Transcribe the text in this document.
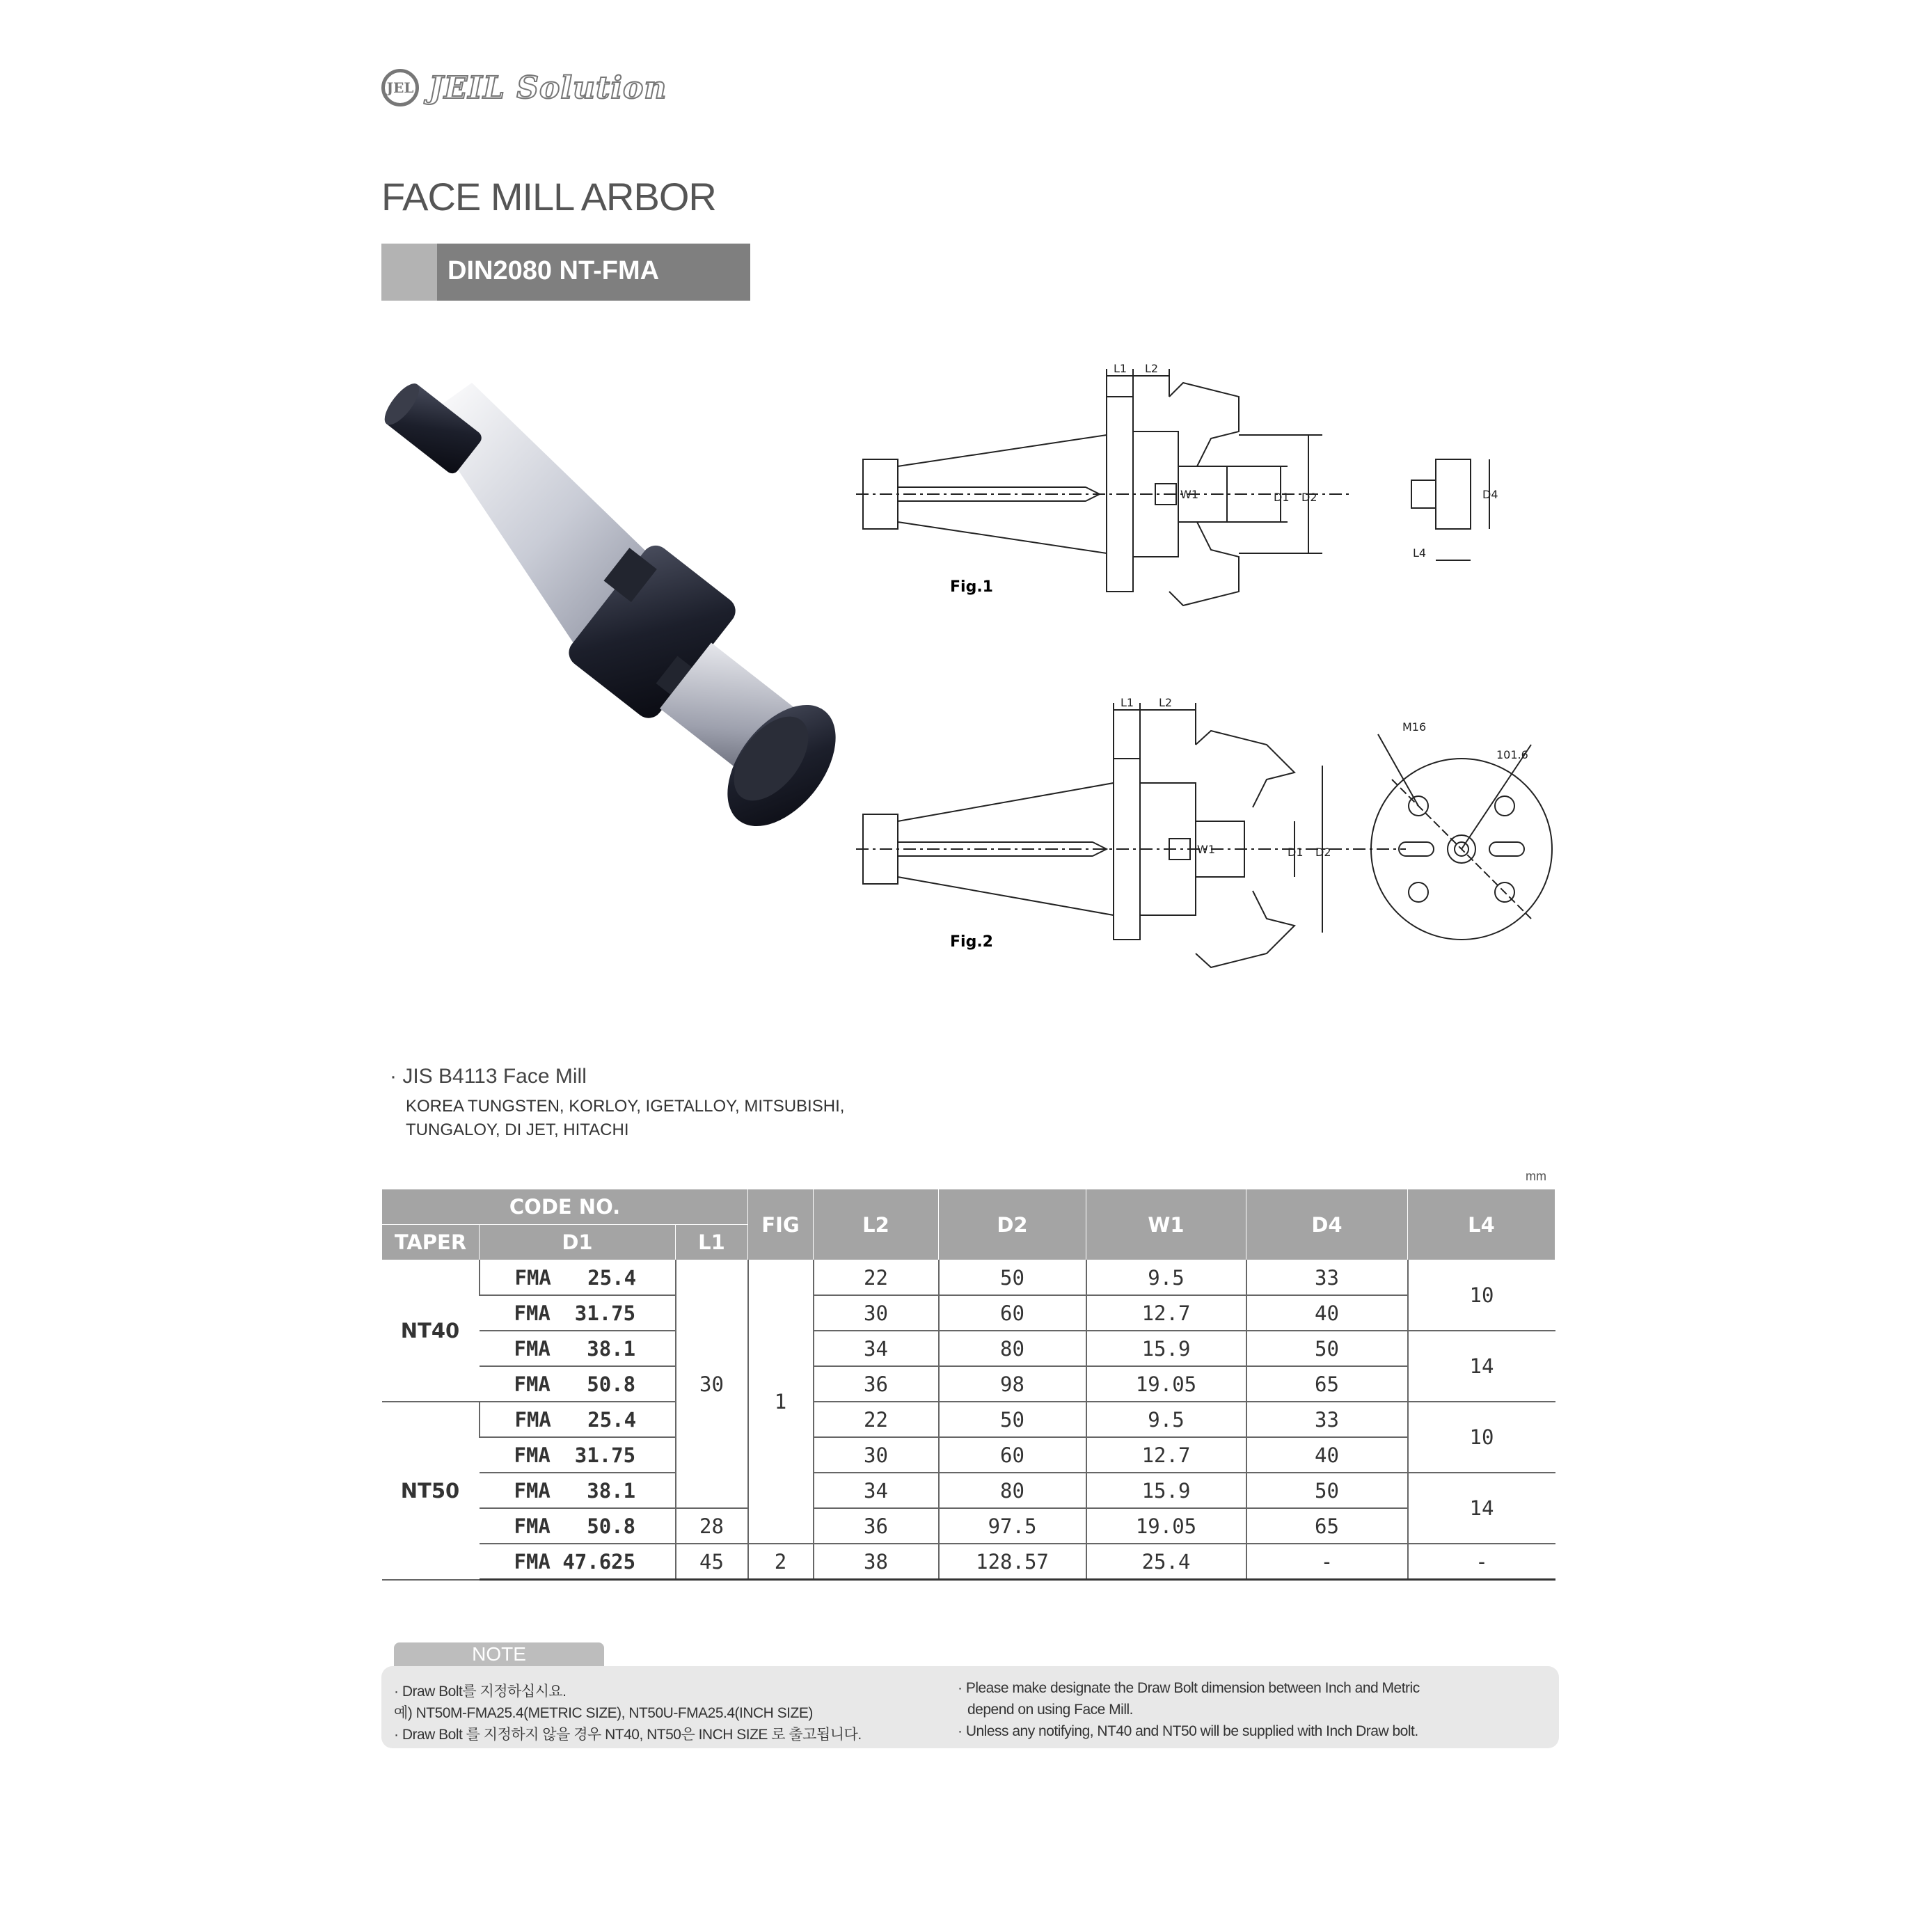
JEL JEIL Solution
FACE MILL ARBOR
DIN2080 NT-FMA
Fig.1
Fig.2
L1 L2
D1 D2
W1	D4
L4
L1 L2
D1 D2
W1
M16
101.6
· JIS B4113 Face Mill
KOREA TUNGSTEN, KORLOY, IGETALLOY, MITSUBISHI,
TUNGALOY, DI JET, HITACHI
mm
CODE NO.			FIG	L2	D2	W1	D4	L4
TAPER	D1	L1						
NT40	FMA   25.4	30	1	22	50	9.5	33	10
	FMA  31.75			30	60	12.7	40	
	FMA   38.1			34	80	15.9	50	14
	FMA   50.8			36	98	19.05	65	
NT50	FMA   25.4			22	50	9.5	33	10
	FMA  31.75			30	60	12.7	40	
	FMA   38.1			34	80	15.9	50	14
	FMA   50.8	28		36	97.5	19.05	65	
	FMA 47.625	45	2	38	128.57	25.4	-	-
NOTE
· Draw Bolt를 지정하십시요.
예) NT50M-FMA25.4(METRIC SIZE), NT50U-FMA25.4(INCH SIZE)
· Draw Bolt 를 지정하지 않을 경우 NT40, NT50은 INCH SIZE 로 출고됩니다.
· Please make designate the Draw Bolt dimension between Inch and Metric
depend on using Face Mill.
· Unless any notifying, NT40 and NT50 will be supplied with Inch Draw bolt.
